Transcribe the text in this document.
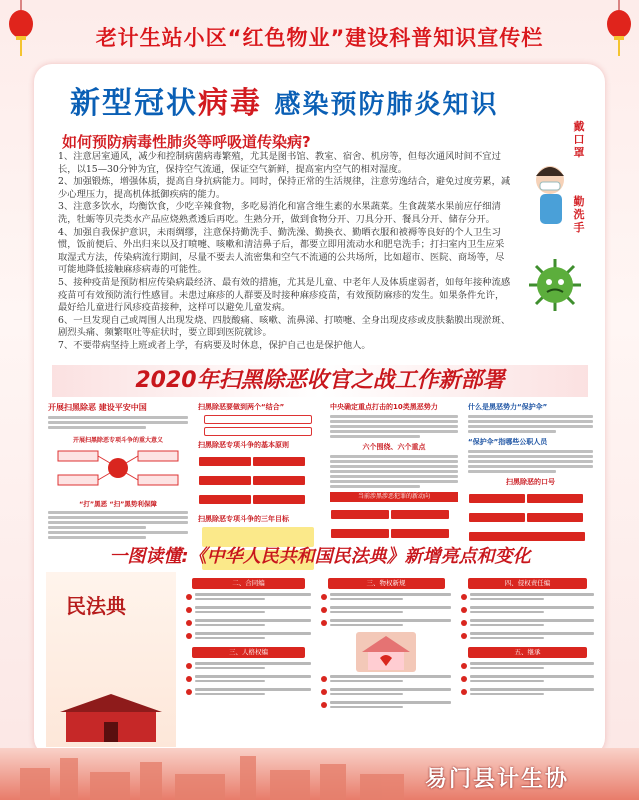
老计生站小区“红色物业”建设科普知识宣传栏
新型冠状病毒 感染预防肺炎知识
如何预防病毒性肺炎等呼吸道传染病?

1、注意居室通风，减少和控制病菌病毒繁殖，尤其是图书馆、教室、宿舍、机房等，但每次通风时间不宜过长，以15—30分钟为宜，保持空气流通，保证空气新鲜，提高室内空气的相对湿度。

2、加强锻炼，增强体质，提高自身抗病能力。同时，保持正常的生活规律，注意劳逸结合，避免过度劳累，减少心理压力，提高机体抵御疾病的能力。

3、注意多饮水，均衡饮食，少吃辛辣食物，多吃易消化和富含维生素的水果蔬菜。生食蔬菜水果前应仔细清洗，牡蛎等贝壳类水产品应烧熟煮透后再吃。生熟分开，做到食物分开、刀具分开、餐具分开、储存分开。

4、加强自我保护意识，未雨绸缪，注意保持勤洗手、勤洗澡、勤换衣、勤晒衣服和被褥等良好的个人卫生习惯，饭前便后、外出归来以及打喷嚏、咳嗽和清洁鼻子后，都要立即用流动水和肥皂洗手；打扫室内卫生应采取湿式方法，传染病流行期间，尽量不要去人流密集和空气不流通的公共场所，比如超市、医院、商场等，尽可能地降低接触麻疹病毒的可能性。

5、接种疫苗是预防相应传染病最经济、最有效的措施，尤其是儿童、中老年人及体质虚弱者，如每年接种流感疫苗可有效预防流行性感冒。未患过麻疹的人群要及时接种麻疹疫苗，有效预防麻疹的发生。如果条件允许，最好给儿童进行风疹疫苗接种，这样可以避免儿童发病。

6、一旦发现自己或周围人出现发烧、四肢酸痛、咳嗽、流鼻涕、打喷嚏、全身出现皮疹或皮肤黏膜出现淤斑、剧烈头痛、频繁呕吐等症状时，要立即到医院就诊。

7、不要带病坚持上班或者上学，有病要及时休息，保护自己也是保护他人。

戴口罩
勤洗手
2020年扫黑除恶收官之战工作新部署
开展扫黑除恶 建设平安中国
开展扫黑除恶专项斗争的重大意义
“打”黑恶 “扫”黑势利保障
扫黑除恶要做到两个“结合”
扫黑除恶专项斗争的基本原则
扫黑除恶专项斗争的三年目标
中央确定重点打击的10类黑恶势力
六个围绕、六个重点
当前涉黑涉恶犯罪的新动向
什么是黑恶势力“保护伞”
“保护伞”指哪些公职人员
扫黑除恶的口号
一图读懂:《中华人民共和国民法典》新增亮点和变化
民法典
二、合同编
三、人格权编
三、物权新规	四、侵权责任编
五、继承
易门县计生协
